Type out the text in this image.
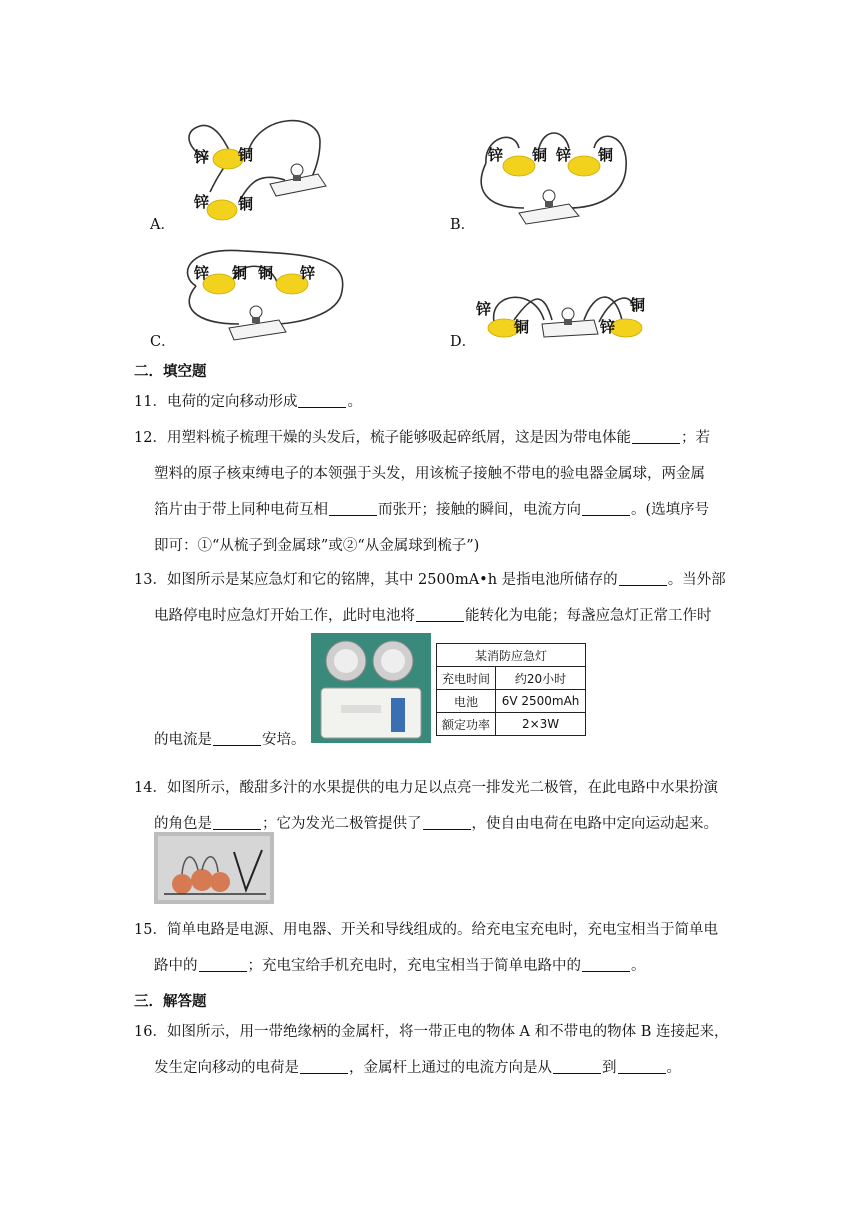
锌 铜
锌 铜
A．
锌 铜 锌 铜
B．
锌 铜 铜 锌
C．
锌
铜	锌
铜
D．
二．填空题
11．电荷的定向移动形成	。
12．用塑料梳子梳理干燥的头发后，梳子能够吸起碎纸屑，这是因为带电体能	；若
塑料的原子核束缚电子的本领强于头发，用该梳子接触不带电的验电器金属球，两金属
箔片由于带上同种电荷互相	而张开；接触的瞬间，电流方向	。(选填序号
即可：①“从梳子到金属球”或②“从金属球到梳子”)
13．如图所示是某应急灯和它的铭牌，其中 2500mA•h 是指电池所储存的	。当外部
电路停电时应急灯开始工作，此时电池将	能转化为电能；每盏应急灯正常工作时
某消防应急灯	
充电时间	约20小时
电池	6V 2500mAh
额定功率	2×3W
的电流是	安培。
14．如图所示，酸甜多汁的水果提供的电力足以点亮一排发光二极管，在此电路中水果扮演
的角色是	；它为发光二极管提供了	，使自由电荷在电路中定向运动起来。
15．简单电路是电源、用电器、开关和导线组成的。给充电宝充电时，充电宝相当于简单电
路中的	；充电宝给手机充电时，充电宝相当于简单电路中的	。
三．解答题
16．如图所示，用一带绝缘柄的金属杆，将一带正电的物体 A 和不带电的物体 B 连接起来，
发生定向移动的电荷是	，金属杆上通过的电流方向是从	到	。
